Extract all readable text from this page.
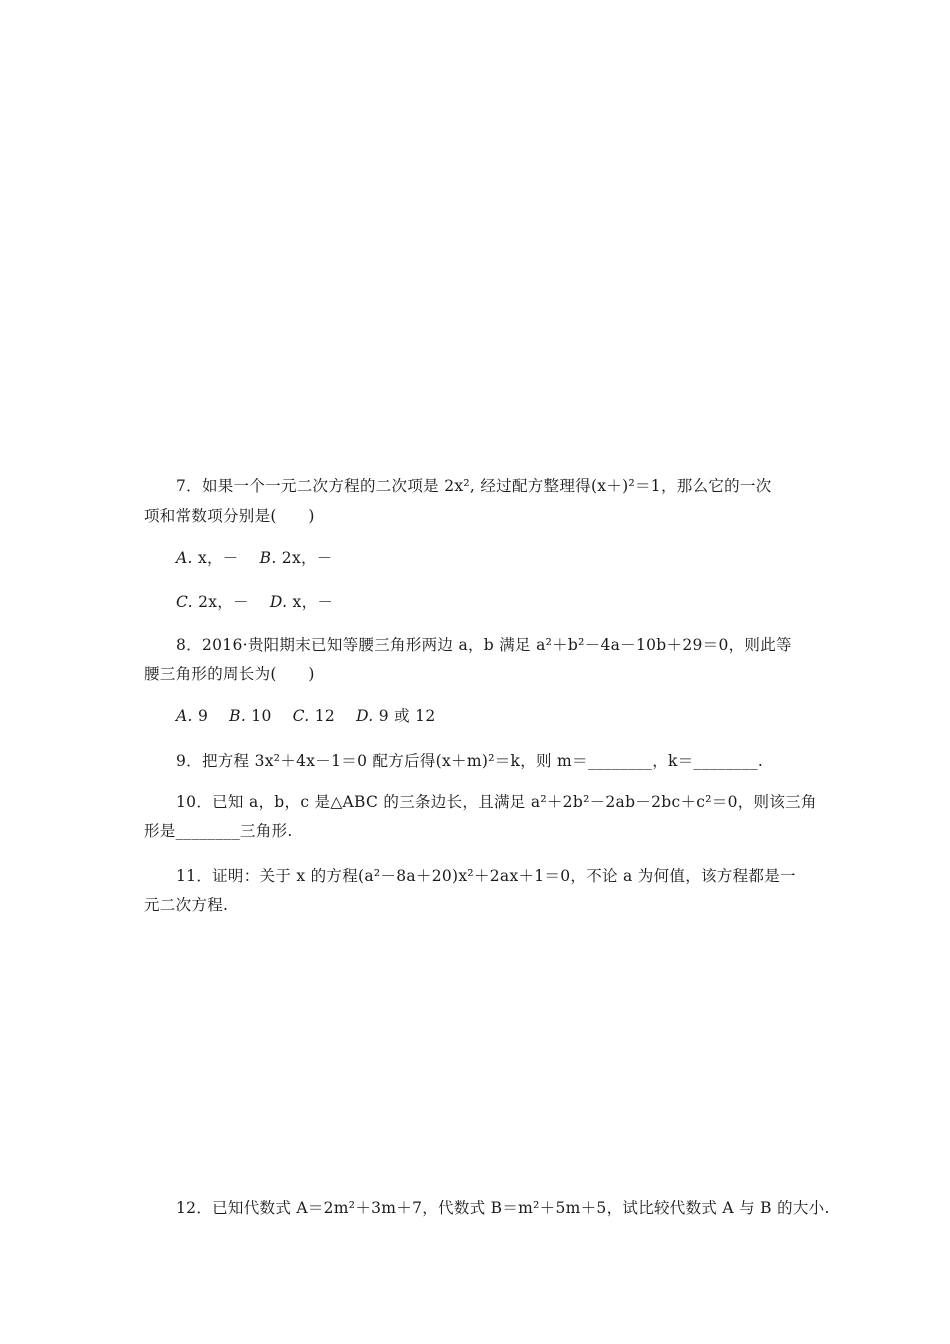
7．如果一个一元二次方程的二次项是 2x², 经过配方整理得(x＋)²＝1，那么它的一次
项和常数项分别是(　　)
A. x，－　 B. 2x，－
C. 2x，－　 D. x，－
8．2016·贵阳期末已知等腰三角形两边 a，b 满足 a²＋b²－4a－10b＋29＝0，则此等
腰三角形的周长为(　　)
A. 9　 B. 10　 C. 12　 D. 9 或 12
9．把方程 3x²＋4x－1＝0 配方后得(x＋m)²＝k，则 m＝________，k＝________.
10．已知 a，b，c 是△ABC 的三条边长，且满足 a²＋2b²－2ab－2bc＋c²＝0，则该三角
形是________三角形.
11．证明：关于 x 的方程(a²－8a＋20)x²＋2ax＋1＝0，不论 a 为何值，该方程都是一
元二次方程.
12．已知代数式 A＝2m²＋3m＋7，代数式 B＝m²＋5m＋5，试比较代数式 A 与 B 的大小.
